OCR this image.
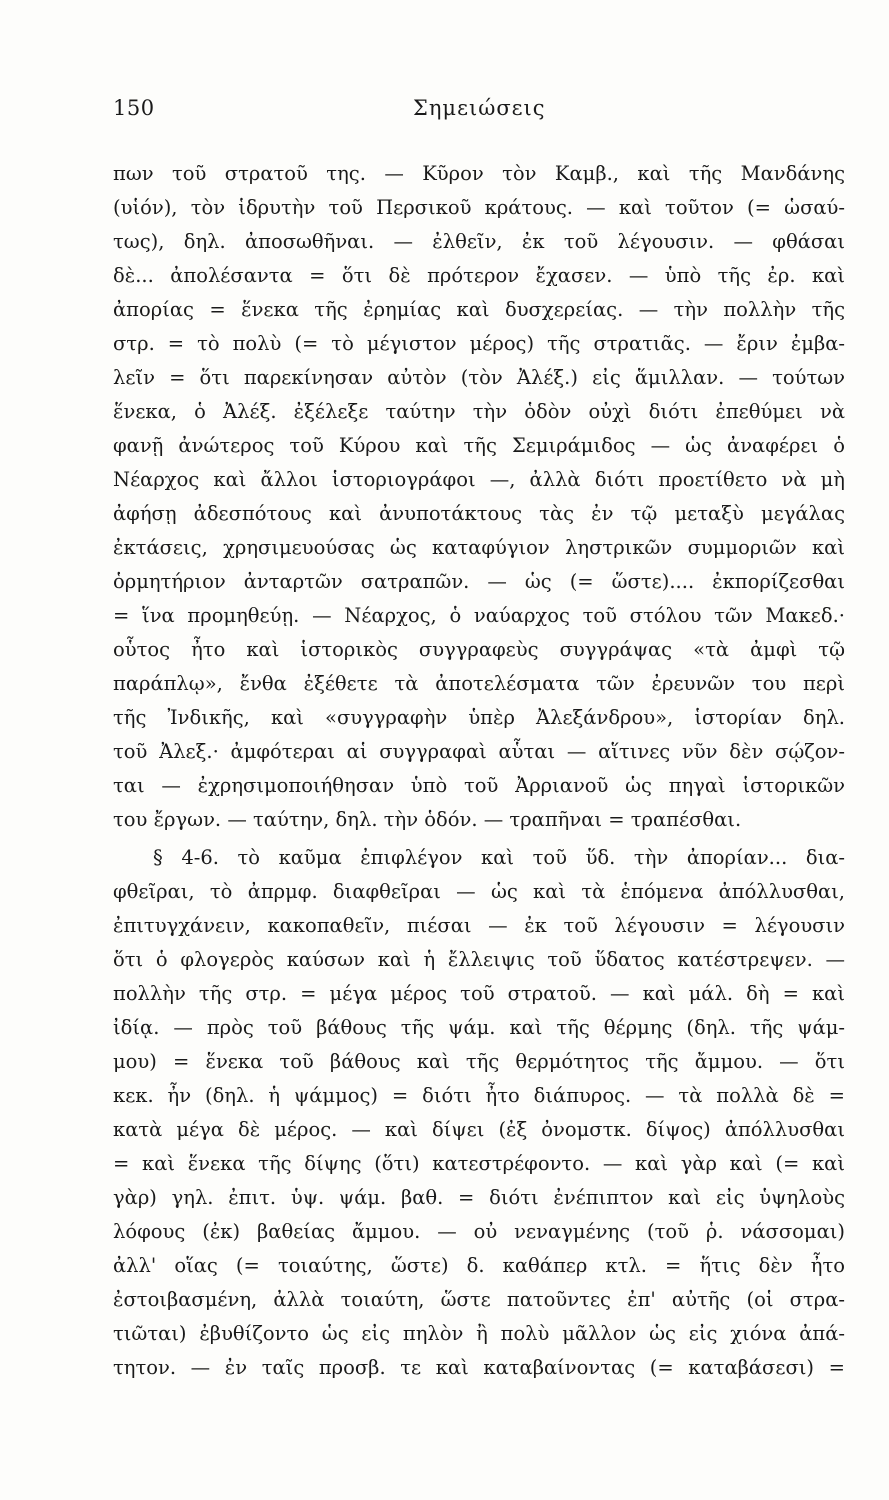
150	Σημειώσεις
πων τοῦ στρατοῦ της. — Κῦρον τὸν Καμβ., καὶ τῆς Μανδάνης
(υἱόν), τὸν ἱδρυτὴν τοῦ Περσικοῦ κράτους. — καὶ τοῦτον (= ὡσαύ-
τως), δηλ. ἀποσωθῆναι. — ἐλθεῖν, ἐκ τοῦ λέγουσιν. — φθάσαι
δὲ... ἀπολέσαντα = ὅτι δὲ πρότερον ἔχασεν. — ὑπὸ τῆς ἐρ. καὶ
ἀπορίας = ἕνεκα τῆς ἐρημίας καὶ δυσχερείας. — τὴν πολλὴν τῆς
στρ. = τὸ πολὺ (= τὸ μέγιστον μέρος) τῆς στρατιᾶς. — ἔριν ἐμβα-
λεῖν = ὅτι παρεκίνησαν αὐτὸν (τὸν Ἀλέξ.) εἰς ἅμιλλαν. — τούτων
ἕνεκα, ὁ Ἀλέξ. ἐξέλεξε ταύτην τὴν ὁδὸν οὐχὶ διότι ἐπεθύμει νὰ
φανῇ ἀνώτερος τοῦ Κύρου καὶ τῆς Σεμιράμιδος — ὡς ἀναφέρει ὁ
Νέαρχος καὶ ἄλλοι ἱστοριογράφοι —, ἀλλὰ διότι προετίθετο νὰ μὴ
ἀφήσῃ ἀδεσπότους καὶ ἀνυποτάκτους τὰς ἐν τῷ μεταξὺ μεγάλας
ἐκτάσεις, χρησιμευούσας ὡς καταφύγιον ληστρικῶν συμμοριῶν καὶ
ὁρμητήριον ἀνταρτῶν σατραπῶν. — ὡς (= ὥστε).... ἐκπορίζεσθαι
= ἵνα προμηθεύῃ. — Νέαρχος, ὁ ναύαρχος τοῦ στόλου τῶν Μακεδ.·
οὗτος ἦτο καὶ ἱστορικὸς συγγραφεὺς συγγράψας «τὰ ἀμφὶ τῷ
παράπλῳ», ἔνθα ἐξέθετε τὰ ἀποτελέσματα τῶν ἐρευνῶν του περὶ
τῆς Ἰνδικῆς, καὶ «συγγραφὴν ὑπὲρ Ἀλεξάνδρου», ἱστορίαν δηλ.
τοῦ Ἀλεξ.· ἀμφότεραι αἱ συγγραφαὶ αὗται — αἵτινες νῦν δὲν σῴζον-
ται — ἐχρησιμοποιήθησαν ὑπὸ τοῦ Ἀρριανοῦ ὡς πηγαὶ ἱστορικῶν
του ἔργων. — ταύτην, δηλ. τὴν ὁδόν. — τραπῆναι = τραπέσθαι.
§ 4-6. τὸ καῦμα ἐπιφλέγον καὶ τοῦ ὕδ. τὴν ἀπορίαν... δια-
φθεῖραι, τὸ ἀπρμφ. διαφθεῖραι — ὡς καὶ τὰ ἑπόμενα ἀπόλλυσθαι,
ἐπιτυγχάνειν, κακοπαθεῖν, πιέσαι — ἐκ τοῦ λέγουσιν = λέγουσιν
ὅτι ὁ φλογερὸς καύσων καὶ ἡ ἔλλειψις τοῦ ὕδατος κατέστρεψεν. —
πολλὴν τῆς στρ. = μέγα μέρος τοῦ στρατοῦ. — καὶ μάλ. δὴ = καὶ
ἰδίᾳ. — πρὸς τοῦ βάθους τῆς ψάμ. καὶ τῆς θέρμης (δηλ. τῆς ψάμ-
μου) = ἕνεκα τοῦ βάθους καὶ τῆς θερμότητος τῆς ἄμμου. — ὅτι
κεκ. ἦν (δηλ. ἡ ψάμμος) = διότι ἦτο διάπυρος. — τὰ πολλὰ δὲ =
κατὰ μέγα δὲ μέρος. — καὶ δίψει (ἐξ ὀνομστκ. δίψος) ἀπόλλυσθαι
= καὶ ἕνεκα τῆς δίψης (ὅτι) κατεστρέφοντο. — καὶ γὰρ καὶ (= καὶ
γὰρ) γηλ. ἐπιτ. ὑψ. ψάμ. βαθ. = διότι ἐνέπιπτον καὶ εἰς ὑψηλοὺς
λόφους (ἐκ) βαθείας ἄμμου. — οὐ νεναγμένης (τοῦ ῥ. νάσσομαι)
ἀλλ' οἵας (= τοιαύτης, ὥστε) δ. καθάπερ κτλ. = ἥτις δὲν ἦτο
ἐστοιβασμένη, ἀλλὰ τοιαύτη, ὥστε πατοῦντες ἐπ' αὐτῆς (οἱ στρα-
τιῶται) ἐβυθίζοντο ὡς εἰς πηλὸν ἢ πολὺ μᾶλλον ὡς εἰς χιόνα ἀπά-
τητον. — ἐν ταῖς προσβ. τε καὶ καταβαίνοντας (= καταβάσεσι) =
